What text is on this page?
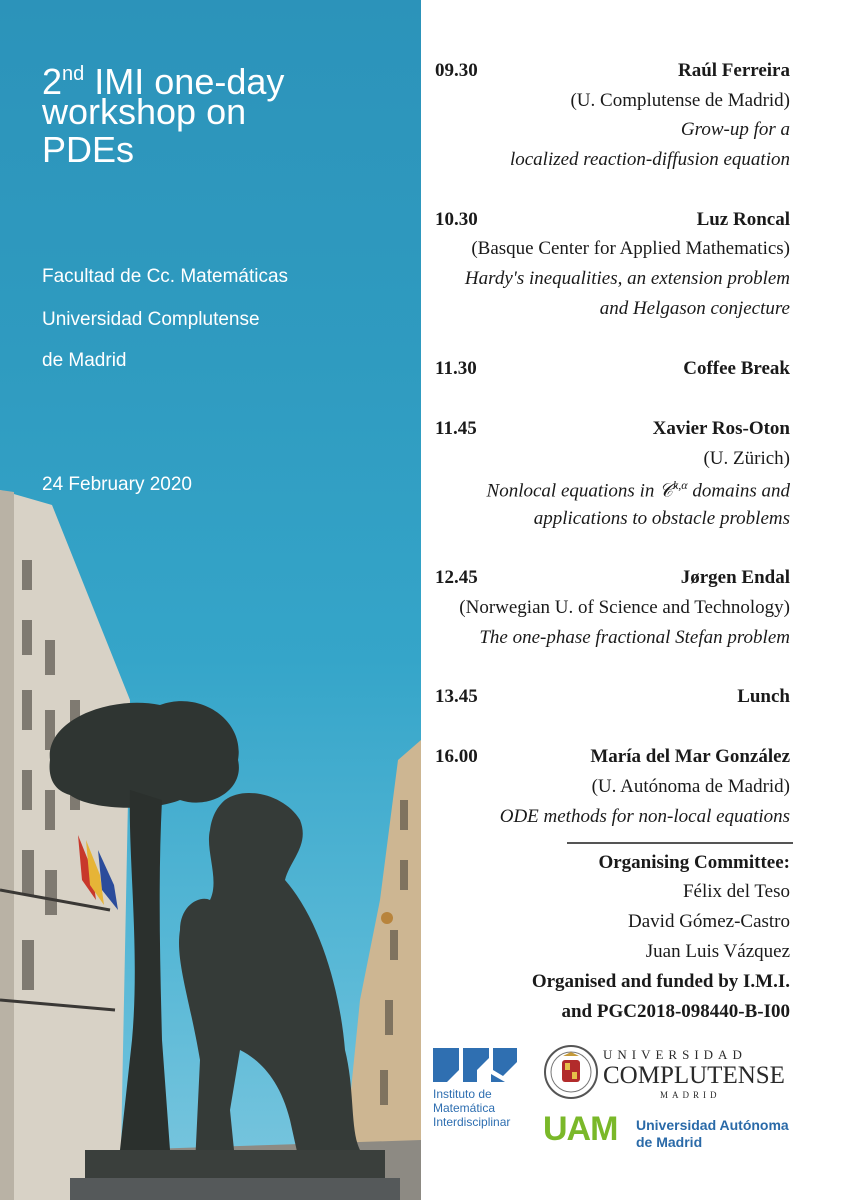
2nd IMI one-day
workshop on
PDEs
Facultad de Cc. Matemáticas
Universidad Complutense
de Madrid
24 February 2020
09.30	Raúl Ferreira
(U. Complutense de Madrid)
Grow-up for a
localized reaction-diffusion equation
10.30	Luz Roncal
(Basque Center for Applied Mathematics)
Hardy's inequalities, an extension problem
and Helgason conjecture
11.30	Coffee Break
11.45	Xavier Ros-Oton
(U. Zürich)
Nonlocal equations in 𝒞$^{k,\alpha}$ domains and
applications to obstacle problems
12.45	Jørgen Endal
(Norwegian U. of Science and Technology)
The one-phase fractional Stefan problem
13.45	Lunch
16.00	María del Mar González
(U. Autónoma de Madrid)
ODE methods for non-local equations
Organising Committee:
Félix del Teso
David Gómez-Castro
Juan Luis Vázquez
Organised and funded by I.M.I.
and PGC2018-098440-B-I00
Instituto de
Matemática
Interdisciplinar
UNIVERSIDAD
COMPLUTENSE
MADRID
UAM Universidad Autónoma
de Madrid
